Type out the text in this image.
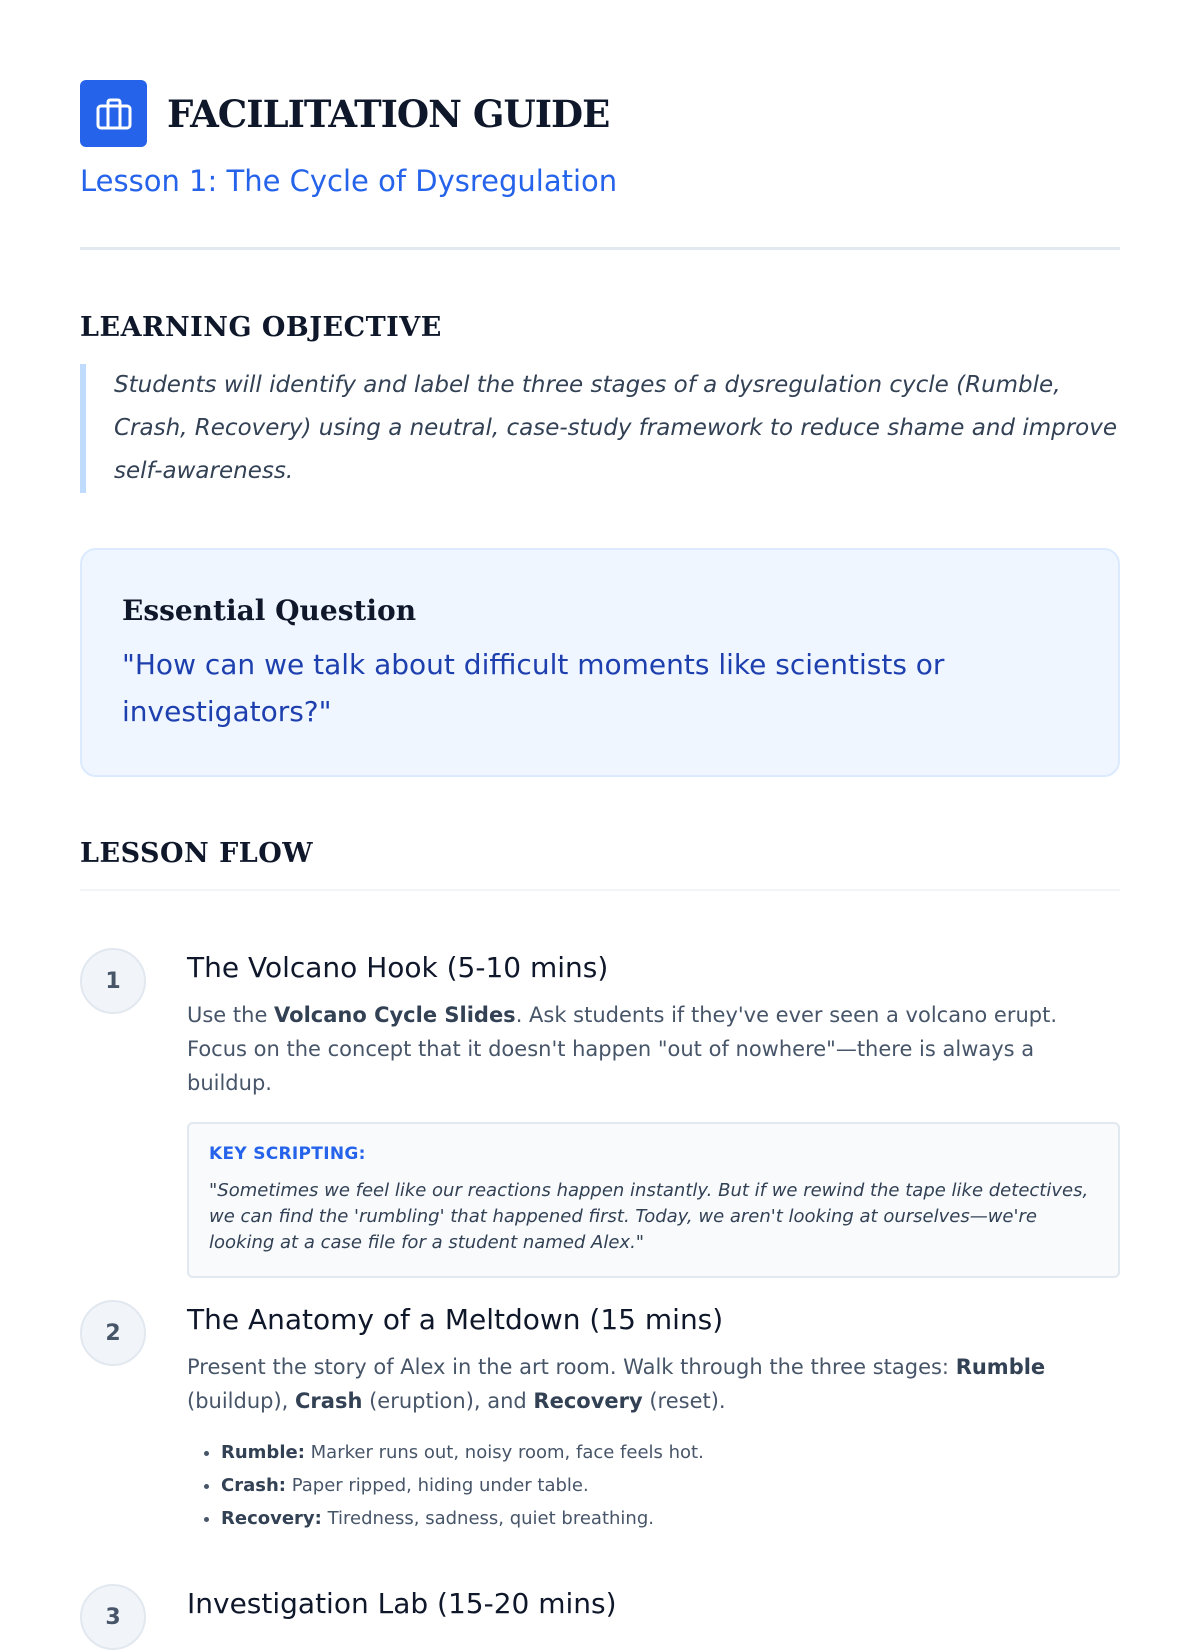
FACILITATION GUIDE
Lesson 1: The Cycle of Dysregulation
LEARNING OBJECTIVE
Students will identify and label the three stages of a dysregulation cycle (Rumble, Crash, Recovery) using a neutral, case-study framework to reduce shame and improve self-awareness.
Essential Question
"How can we talk about difficult moments like scientists or investigators?"
LESSON FLOW
1	The Volcano Hook (5-10 mins)
Use the Volcano Cycle Slides. Ask students if they've ever seen a volcano erupt. Focus on the concept that it doesn't happen "out of nowhere"—there is always a buildup.
KEY SCRIPTING:
"Sometimes we feel like our reactions happen instantly. But if we rewind the tape like detectives, we can find the 'rumbling' that happened first. Today, we aren't looking at ourselves—we're looking at a case file for a student named Alex."
2	The Anatomy of a Meltdown (15 mins)
Present the story of Alex in the art room. Walk through the three stages: Rumble (buildup), Crash (eruption), and Recovery (reset).
• Rumble: Marker runs out, noisy room, face feels hot.
• Crash: Paper ripped, hiding under table.
• Recovery: Tiredness, sadness, quiet breathing.
3	Investigation Lab (15-20 mins)
